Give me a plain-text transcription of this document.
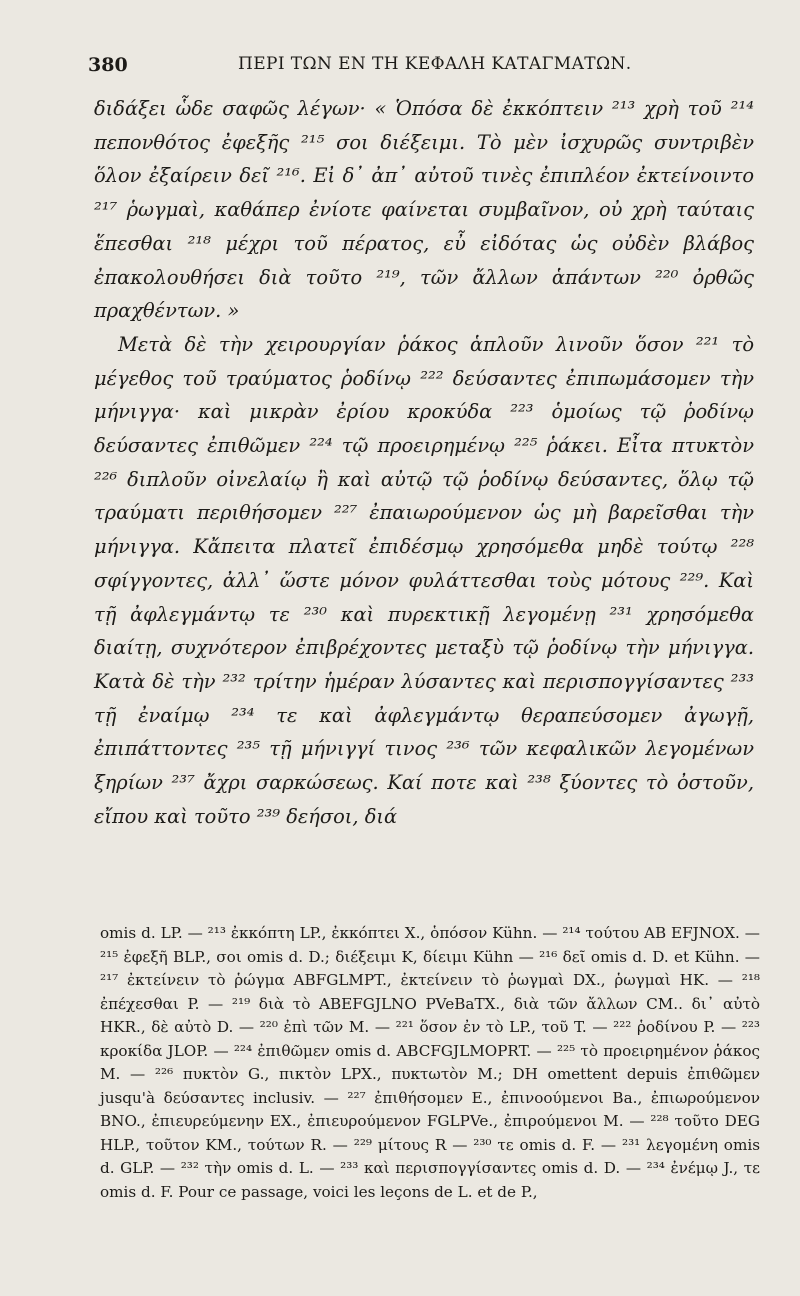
380	ΠΕΡΙ ΤΩΝ ΕΝ ΤΗ ΚΕΦΑΛΗ ΚΑΤΑΓΜΑΤΩΝ.

διδάξει ὧδε σαφῶς λέγων· « Ὁπόσα δὲ ἐκκόπτειν ²¹³ χρὴ τοῦ ²¹⁴ πεπονθότος ἐφεξῆς ²¹⁵ σοι διέξειμι. Τὸ μὲν ἰσχυρῶς συντριβὲν ὅλον ἐξαίρειν δεῖ ²¹⁶. Εἰ δ᾽ ἀπ᾽ αὐτοῦ τινὲς ἐπιπλέον ἐκτείνοιντο ²¹⁷ ῥωγμαὶ, καθάπερ ἐνίοτε φαίνεται συμβαῖνον, οὐ χρὴ ταύταις ἕπεσθαι ²¹⁸ μέχρι τοῦ πέρατος, εὖ εἰδότας ὡς οὐδὲν βλάβος ἐπακολουθήσει διὰ τοῦτο ²¹⁹, τῶν ἄλλων ἁπάντων ²²⁰ ὀρθῶς πραχθέντων. »

Μετὰ δὲ τὴν χειρουργίαν ῥάκος ἁπλοῦν λινοῦν ὅσον ²²¹ τὸ μέγεθος τοῦ τραύματος ῥοδίνῳ ²²² δεύσαντες ἐπιπωμάσομεν τὴν μήνιγγα· καὶ μικρὰν ἐρίου κροκύδα ²²³ ὁμοίως τῷ ῥοδίνῳ δεύσαντες ἐπιθῶμεν ²²⁴ τῷ προειρημένῳ ²²⁵ ῥάκει. Εἶτα πτυκτὸν ²²⁶ διπλοῦν οἰνελαίῳ ἢ καὶ αὐτῷ τῷ ῥοδίνῳ δεύσαντες, ὅλῳ τῷ τραύματι περιθήσομεν ²²⁷ ἐπαιωρούμενον ὡς μὴ βαρεῖσθαι τὴν μήνιγγα. Κἄπειτα πλατεῖ ἐπιδέσμῳ χρησόμεθα μηδὲ τούτῳ ²²⁸ σφίγγοντες, ἀλλ᾽ ὥστε μόνον φυλάττεσθαι τοὺς μότους ²²⁹. Καὶ τῇ ἀφλεγμάντῳ τε ²³⁰ καὶ πυρεκτικῇ λεγομένῃ ²³¹ χρησόμεθα διαίτῃ, συχνότερον ἐπιβρέχοντες μεταξὺ τῷ ῥοδίνῳ τὴν μήνιγγα. Κατὰ δὲ τὴν ²³² τρίτην ἡμέραν λύσαντες καὶ περισπογγίσαντες ²³³ τῇ ἐναίμῳ ²³⁴ τε καὶ ἀφλεγμάντῳ θεραπεύσομεν ἀγωγῇ, ἐπιπάττοντες ²³⁵ τῇ μήνιγγί τινος ²³⁶ τῶν κεφαλικῶν λεγομένων ξηρίων ²³⁷ ἄχρι σαρκώσεως. Καί ποτε καὶ ²³⁸ ξύοντες τὸ ὀστοῦν, εἴπου καὶ τοῦτο ²³⁹ δεήσοι, διά

omis d. LP. — ²¹³ ἐκκόπτη LP., ἐκκόπτει X., ὁπόσον Kühn. — ²¹⁴ τούτου AB EFJNOX. — ²¹⁵ ἐφεξῆ BLP., σοι omis d. D.; διέξειμι K, δίειμι Kühn — ²¹⁶ δεῖ omis d. D. et Kühn. — ²¹⁷ ἐκτείνειν τὸ ῥώγμα ABFGLMPT., ἐκτείνειν τὸ ῥωγμαὶ DX., ῥωγμαὶ HK. — ²¹⁸ ἐπέχεσθαι P. — ²¹⁹ διὰ τὸ ABEFGJLNO PVeBaTX., διὰ τῶν ἄλλων CM.. δι᾽ αὐτὸ HKR., δὲ αὐτὸ D. — ²²⁰ ἐπὶ τῶν M. — ²²¹ ὅσον ἐν τὸ LP., τοῦ T. — ²²² ῥοδίνου P. — ²²³ κροκίδα JLOP. — ²²⁴ ἐπιθῶμεν omis d. ABCFGJLMOPRT. — ²²⁵ τὸ προειρημένον ῥάκος M. — ²²⁶ πυκτὸν G., πικτὸν LPX., πυκτωτὸν M.; DH omettent depuis ἐπιθῶμεν jusqu'à δεύσαντες inclusiv. — ²²⁷ ἐπιθήσομεν E., ἐπινοούμενοι Ba., ἐπιωρούμενον BNO., ἐπιευρεύμενην EX., ἐπιευρούμενον FGLPVe., ἐπιρούμενοι M. — ²²⁸ τοῦτο DEG HLP., τοῦτον KM., τούτων R. — ²²⁹ μίτους R — ²³⁰ τε omis d. F. — ²³¹ λεγομένη omis d. GLP. — ²³² τὴν omis d. L. — ²³³ καὶ περισπογγίσαντες omis d. D. — ²³⁴ ἐνέμῳ J., τε omis d. F. Pour ce passage, voici les leçons de L. et de P.,
